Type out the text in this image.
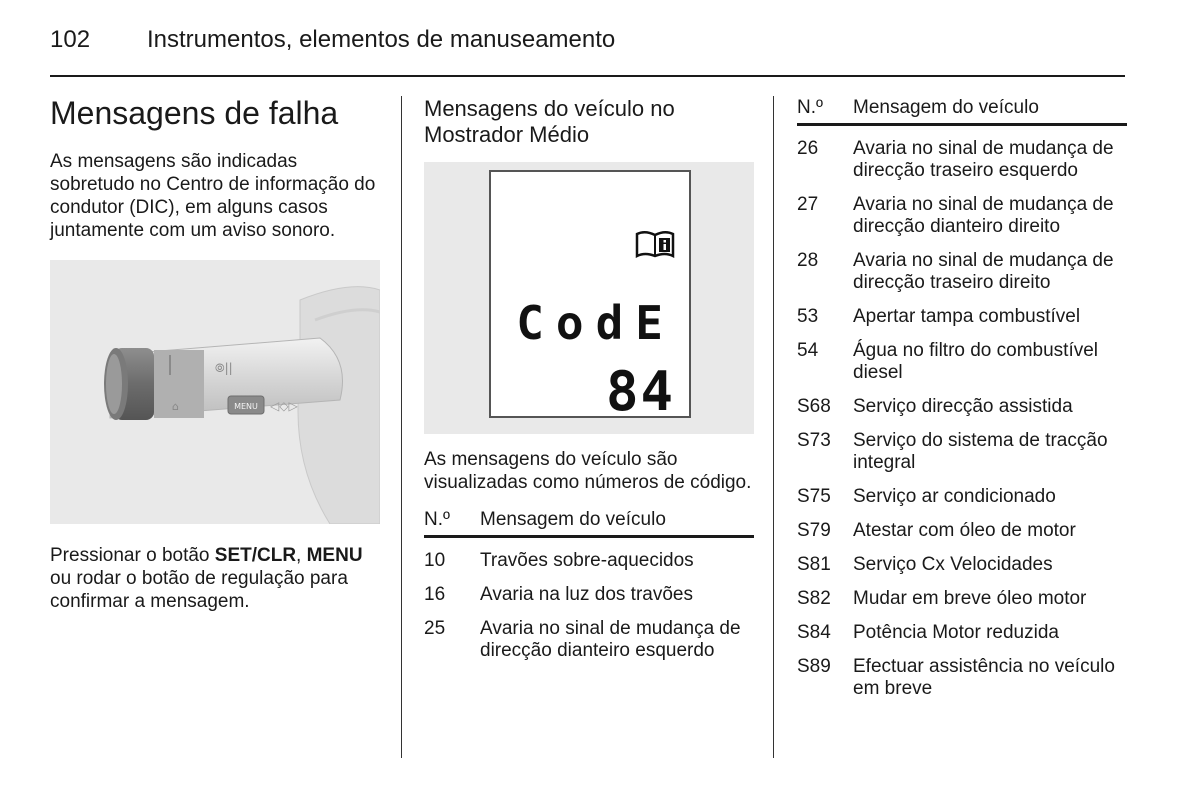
102 Instrumentos, elementos de manuseamento
Mensagens de falha

As mensagens são indicadas sobretudo no Centro de informação do condutor (DIC), em alguns casos juntamente com um aviso sonoro.

⦾||
⌂	MENU ◁◇▷

Pressionar o botão SET/CLR, MENU ou rodar o botão de regulação para confirmar a mensagem.

Mensagens do veículo no Mostrador Médio
CodE
84

As mensagens do veículo são visualizadas como números de código.

N.º	Mensagem do veículo
10	Travões sobre-aquecidos
16	Avaria na luz dos travões
25	Avaria no sinal de mudança de direcção dianteiro esquerdo
N.º	Mensagem do veículo
26	Avaria no sinal de mudança de direcção traseiro esquerdo
27	Avaria no sinal de mudança de direcção dianteiro direito
28	Avaria no sinal de mudança de direcção traseiro direito
53	Apertar tampa combustível
54	Água no filtro do combustível diesel
S68	Serviço direcção assistida
S73	Serviço do sistema de tracção integral
S75	Serviço ar condicionado
S79	Atestar com óleo de motor
S81	Serviço Cx Velocidades
S82	Mudar em breve óleo motor
S84	Potência Motor reduzida
S89	Efectuar assistência no veículo em breve
